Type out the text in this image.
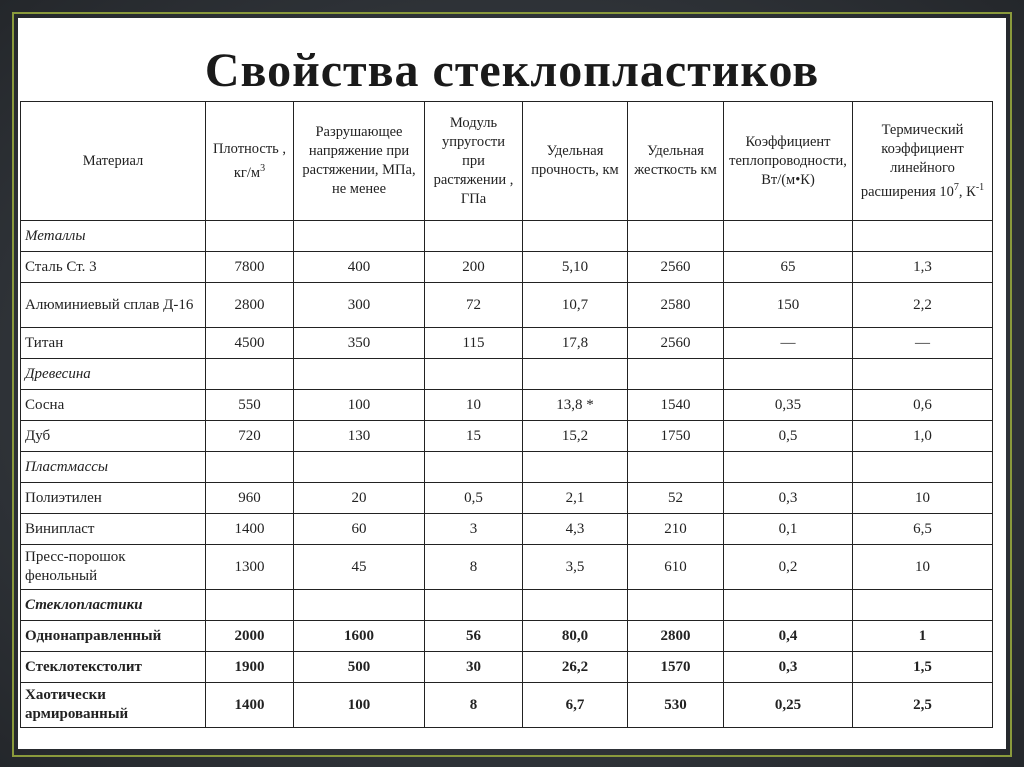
Свойства стеклопластиков
Материал	Плотность , $кг/м^3$	Разрушающее напряжение при растяжении, МПа, не менее	Модуль упругости при растяжении , ГПа	Удельная прочность, км	Удельная жесткость км	Коэффициент теплопроводности, Вт/(м•К)	Термический коэффициент линейного расширения $10^7$, $К^{-1}$
Металлы							
Сталь Ст. 3	7800	400	200	5,10	2560	65	1,3
Алюминиевый сплав Д-16	2800	300	72	10,7	2580	150	2,2
Титан	4500	350	115	17,8	2560	—	—
Древесина							
Сосна	550	100	10	13,8 *	1540	0,35	0,6
Дуб	720	130	15	15,2	1750	0,5	1,0
Пластмассы							
Полиэтилен	960	20	0,5	2,1	52	0,3	10
Винипласт	1400	60	3	4,3	210	0,1	6,5
Пресс-порошок фенольный	1300	45	8	3,5	610	0,2	10
Стеклопластики							
Однонаправленный	2000	1600	56	80,0	2800	0,4	1
Стеклотекстолит	1900	500	30	26,2	1570	0,3	1,5
Хаотически армированный	1400	100	8	6,7	530	0,25	2,5
